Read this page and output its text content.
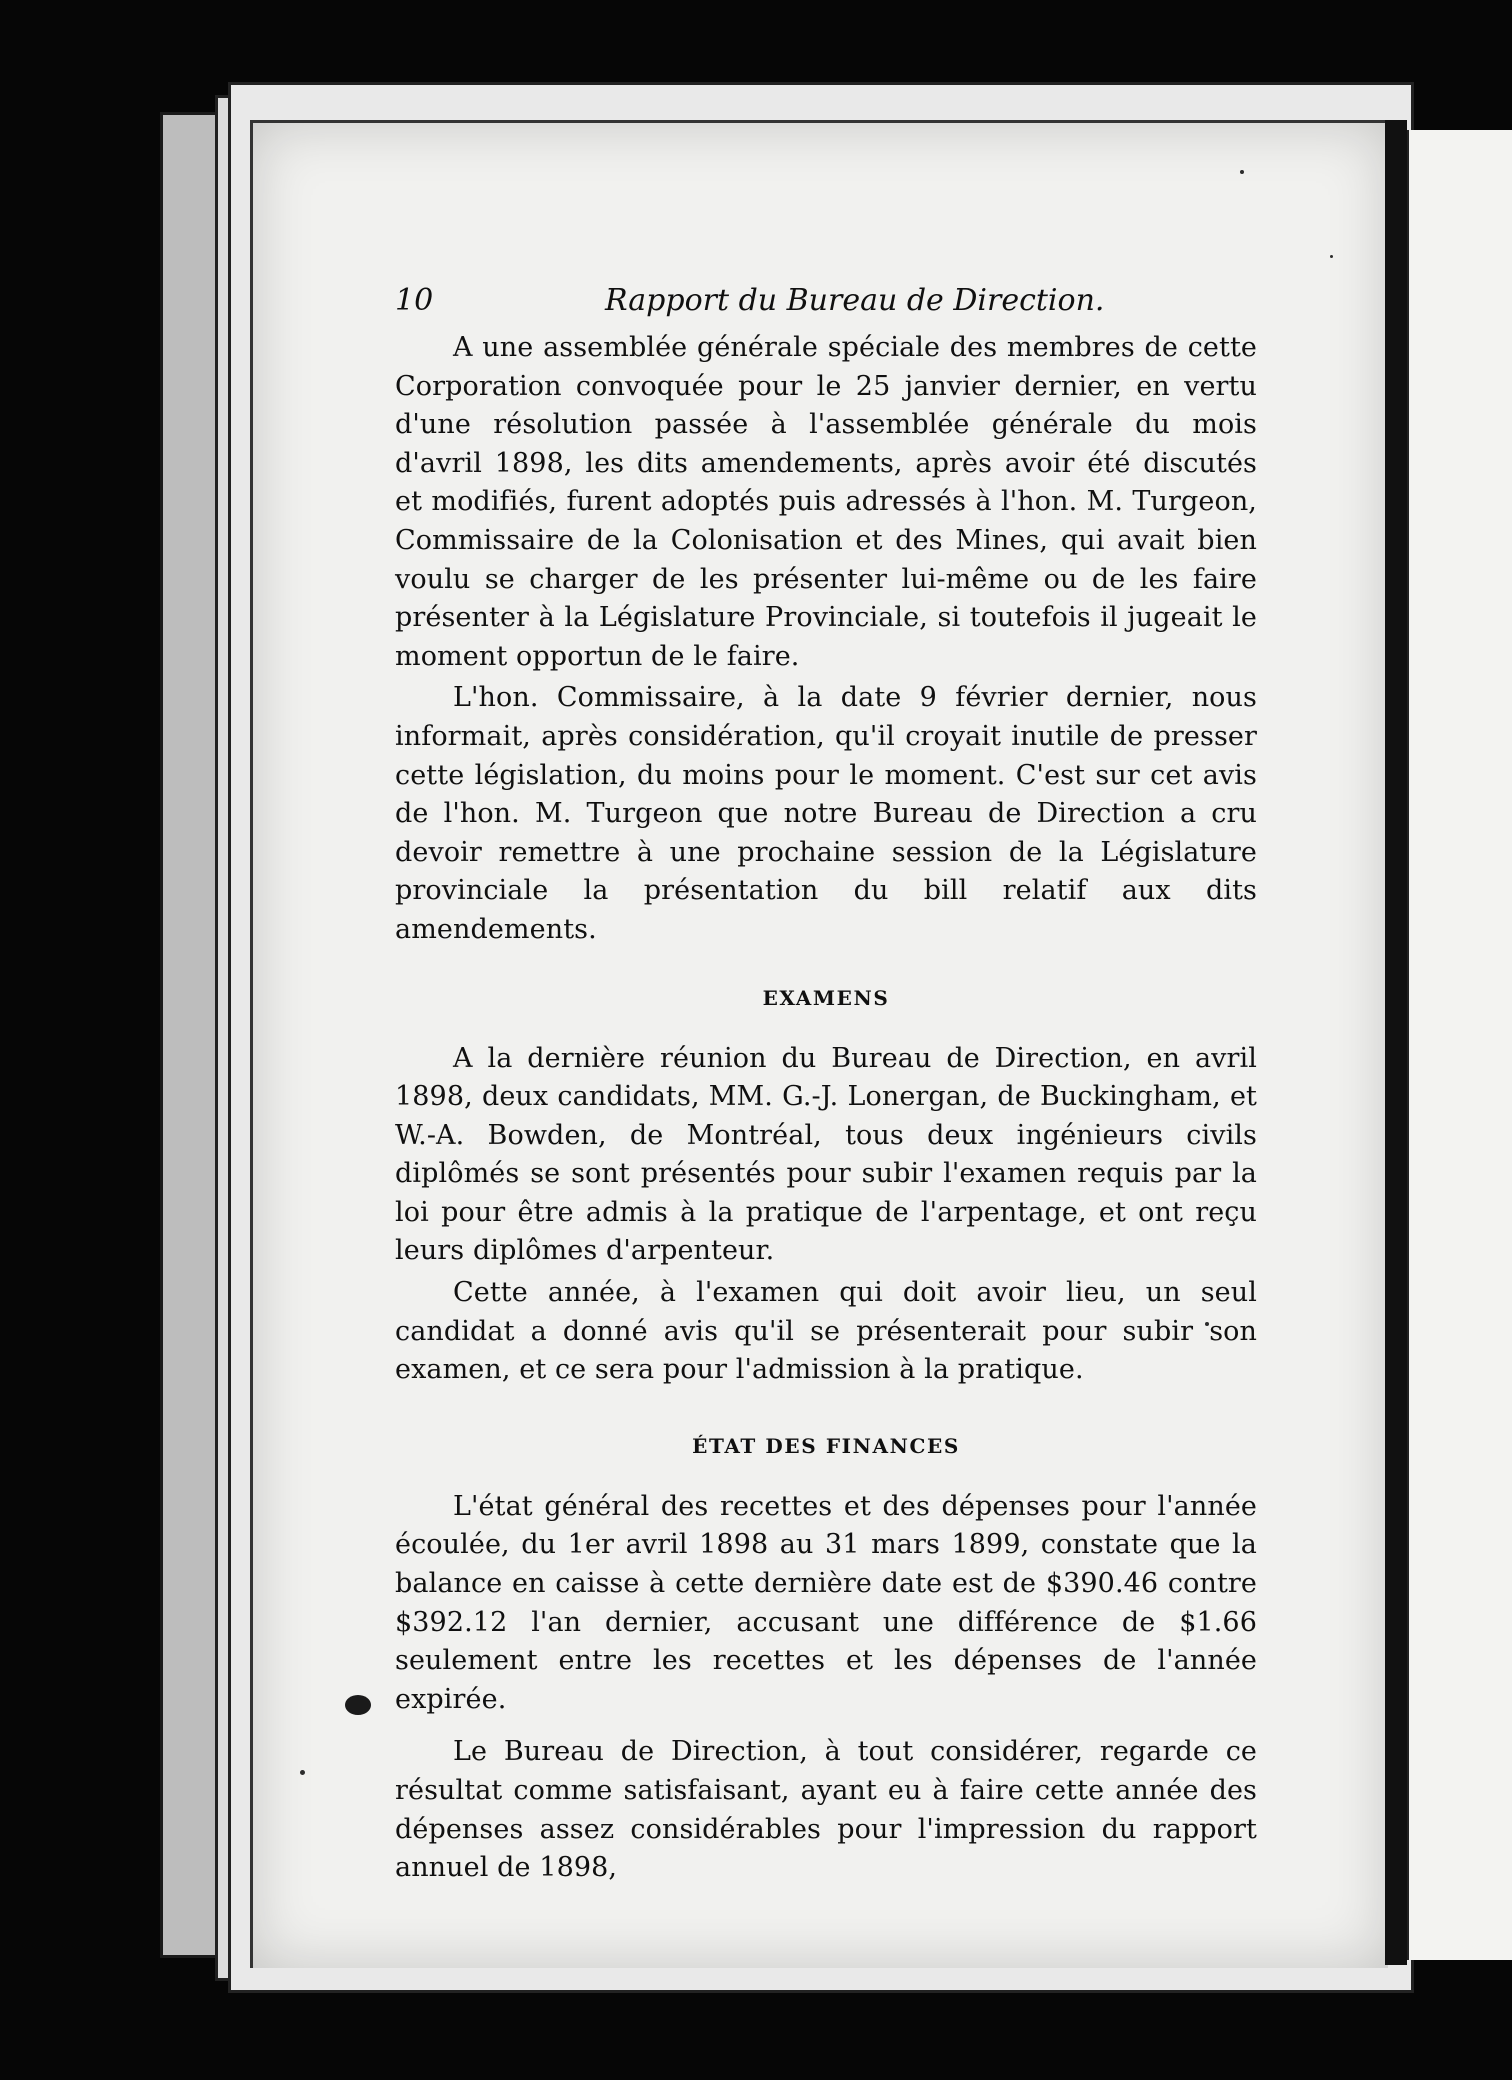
10	Rapport du Bureau de Direction.

A une assemblée générale spéciale des membres de cette Corporation convoquée pour le 25 janvier dernier, en vertu d'une résolution passée à l'assemblée générale du mois d'avril 1898, les dits amendements, après avoir été discutés et modifiés, furent adoptés puis adressés à l'hon. M. Turgeon, Commissaire de la Colonisation et des Mines, qui avait bien voulu se charger de les présenter lui-même ou de les faire présenter à la Législature Provinciale, si toutefois il jugeait le moment opportun de le faire.

L'hon. Commissaire, à la date 9 février dernier, nous informait, après considération, qu'il croyait inutile de presser cette législation, du moins pour le moment. C'est sur cet avis de l'hon. M. Turgeon que notre Bureau de Direction a cru devoir remettre à une prochaine session de la Législature provinciale la présentation du bill relatif aux dits amendements.

EXAMENS

A la dernière réunion du Bureau de Direction, en avril 1898, deux candidats, MM. G.-J. Lonergan, de Buckingham, et W.-A. Bowden, de Montréal, tous deux ingénieurs civils diplômés se sont présentés pour subir l'examen requis par la loi pour être admis à la pratique de l'arpentage, et ont reçu leurs diplômes d'arpenteur.

Cette année, à l'examen qui doit avoir lieu, un seul candidat a donné avis qu'il se présenterait pour subir son examen, et ce sera pour l'admission à la pratique.

ÉTAT DES FINANCES

L'état général des recettes et des dépenses pour l'année écoulée, du 1er avril 1898 au 31 mars 1899, constate que la balance en caisse à cette dernière date est de $390.46 contre $392.12 l'an dernier, accusant une différence de $1.66 seulement entre les recettes et les dépenses de l'année expirée.

Le Bureau de Direction, à tout considérer, regarde ce résultat comme satisfaisant, ayant eu à faire cette année des dépenses assez considérables pour l'impression du rapport annuel de 1898,
